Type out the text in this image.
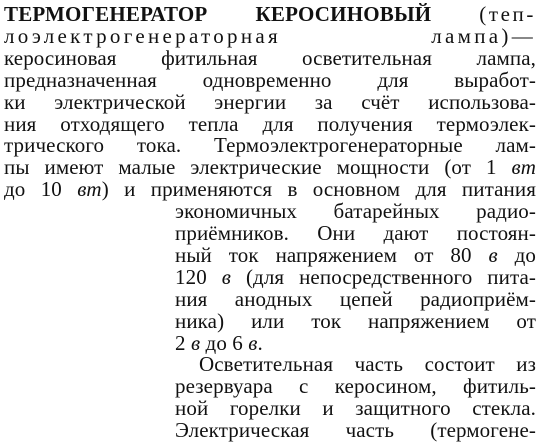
ТЕРМОГЕНЕРАТОР КЕРОСИНОВЫЙ (теп-
лоэлектрогенераторная лампа)—
керосиновая фитильная осветительная лампа,
предназначенная одновременно для выработ-
ки электрической энергии за счёт использова-
ния отходящего тепла для получения термоэлек-
трического тока. Термоэлектрогенераторные лам-
пы имеют малые электрические мощности (от 1 вт
до 10 вт) и применяются в основном для питания
экономичных батарейных радио-
приёмников. Они дают постоян-
ный ток напряжением от 80 в до
120 в (для непосредственного пита-
ния анодных цепей радиоприём-
ника) или ток напряжением от
2 в до 6 в.
Осветительная часть состоит из
резервуара с керосином, фитиль-
ной горелки и защитного стекла.
Электрическая часть (термогене-
